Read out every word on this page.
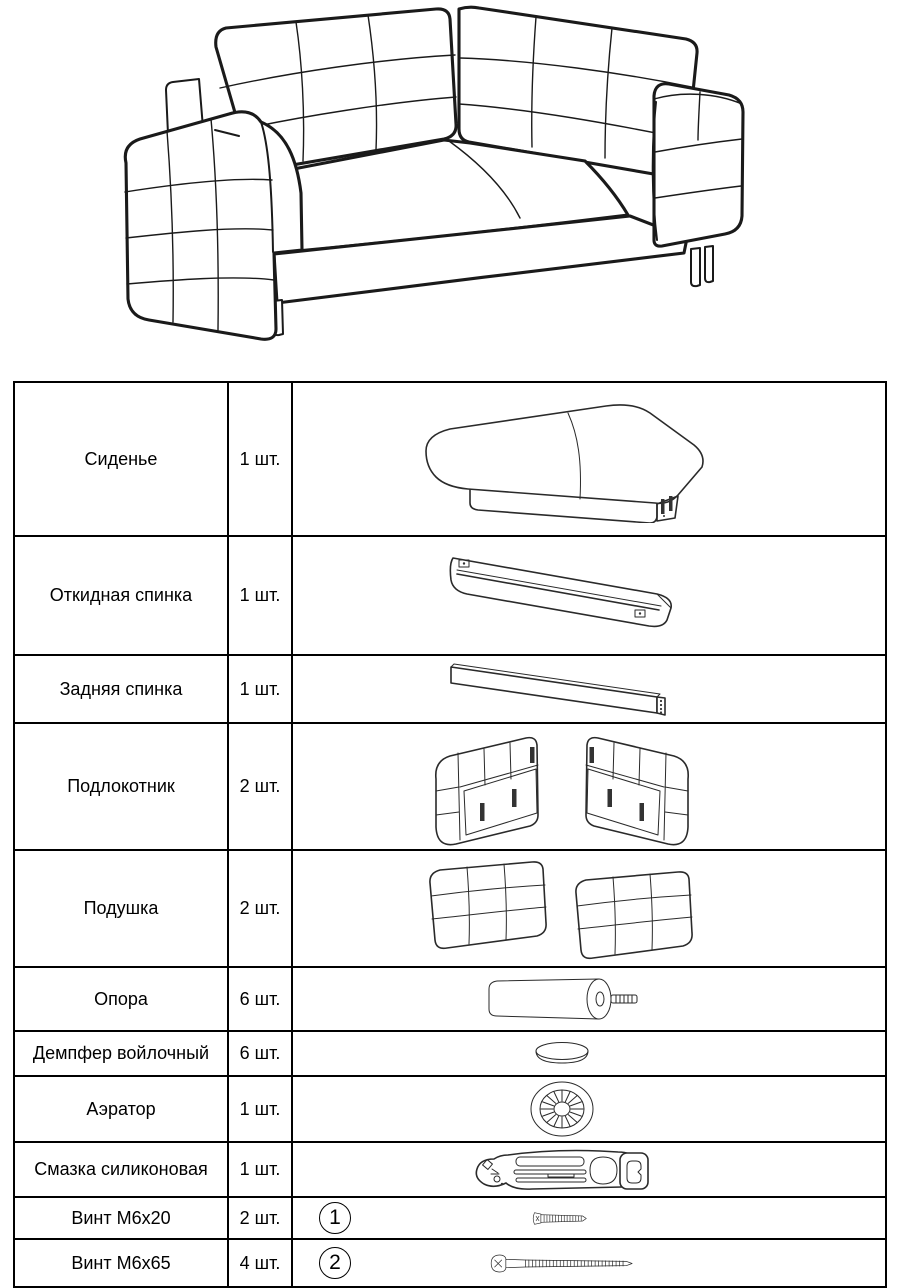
Сиденье	1 шт.
Откидная спинка	1 шт.
Задняя спинка	1 шт.
Подлокотник	2 шт.
Подушка	2 шт.
Опора	6 шт.
Демпфер войлочный	6 шт.
Аэратор	1 шт.
Смазка силиконовая	1 шт.
Винт М6х20	2 шт.	1
Винт М6х65	4 шт.	2
